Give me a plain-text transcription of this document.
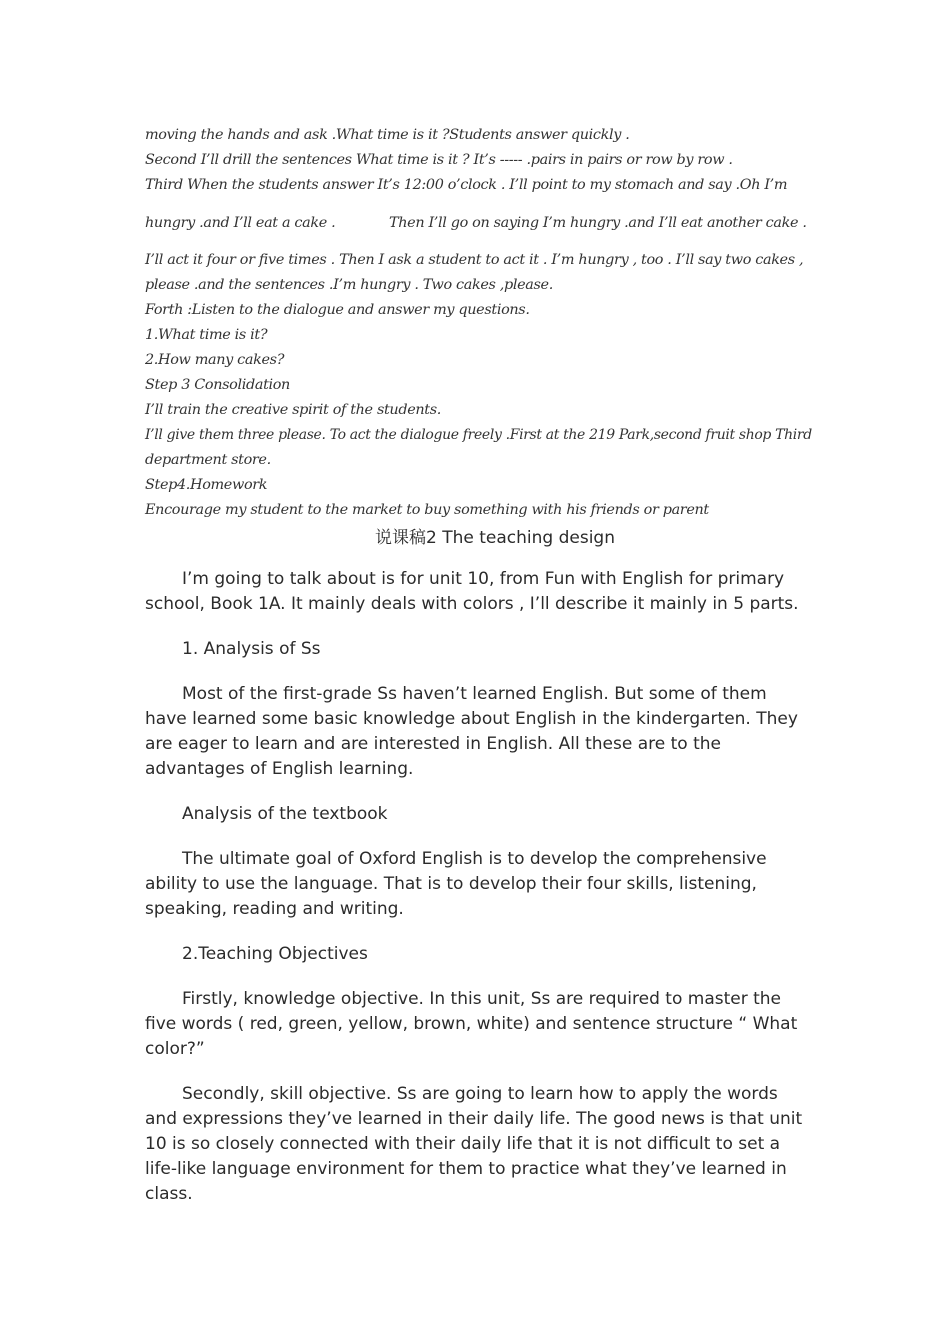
moving the hands and ask .What time is it ?Students answer quickly .
Second I’ll drill the sentences What time is it ? It’s ----- .pairs in pairs or row by row .
Third When the students answer It’s 12:00 o’clock . I’ll point to my stomach and say .Oh I’m
hungry .and I’ll eat a cake .	Then I’ll go on saying I’m hungry .and I’ll eat another cake .
I’ll act it four or five times . Then I ask a student to act it . I’m hungry , too . I’ll say two cakes ,
please .and the sentences .I’m hungry . Two cakes ,please.
Forth :Listen to the dialogue and answer my questions.
1.What time is it?
2.How many cakes?
Step 3 Consolidation
I’ll train the creative spirit of the students.
I’ll give them three please. To act the dialogue freely .First at the 219 Park,second fruit shop Third
department store.
Step4.Homework
Encourage my student to the market to buy something with his friends or parent
说课稿2 The teaching design
I’m going to talk about is for unit 10, from Fun with English for primary school, Book 1A. It mainly deals with colors , I’ll describe it mainly in 5 parts.
1. Analysis of Ss
Most of the first-grade Ss haven’t learned English. But some of them have learned some basic knowledge about English in the kindergarten. They are eager to learn and are interested in English. All these are to the advantages of English learning.
Analysis of the textbook
The ultimate goal of Oxford English is to develop the comprehensive ability to use the language. That is to develop their four skills, listening, speaking, reading and writing.
2.Teaching Objectives
Firstly, knowledge objective. In this unit, Ss are required to master the five words ( red, green, yellow, brown, white) and sentence structure “ What color?”
Secondly, skill objective. Ss are going to learn how to apply the words and expressions they’ve learned in their daily life. The good news is that unit 10 is so closely connected with their daily life that it is not difficult to set a life-like language environment for them to practice what they’ve learned in class.
